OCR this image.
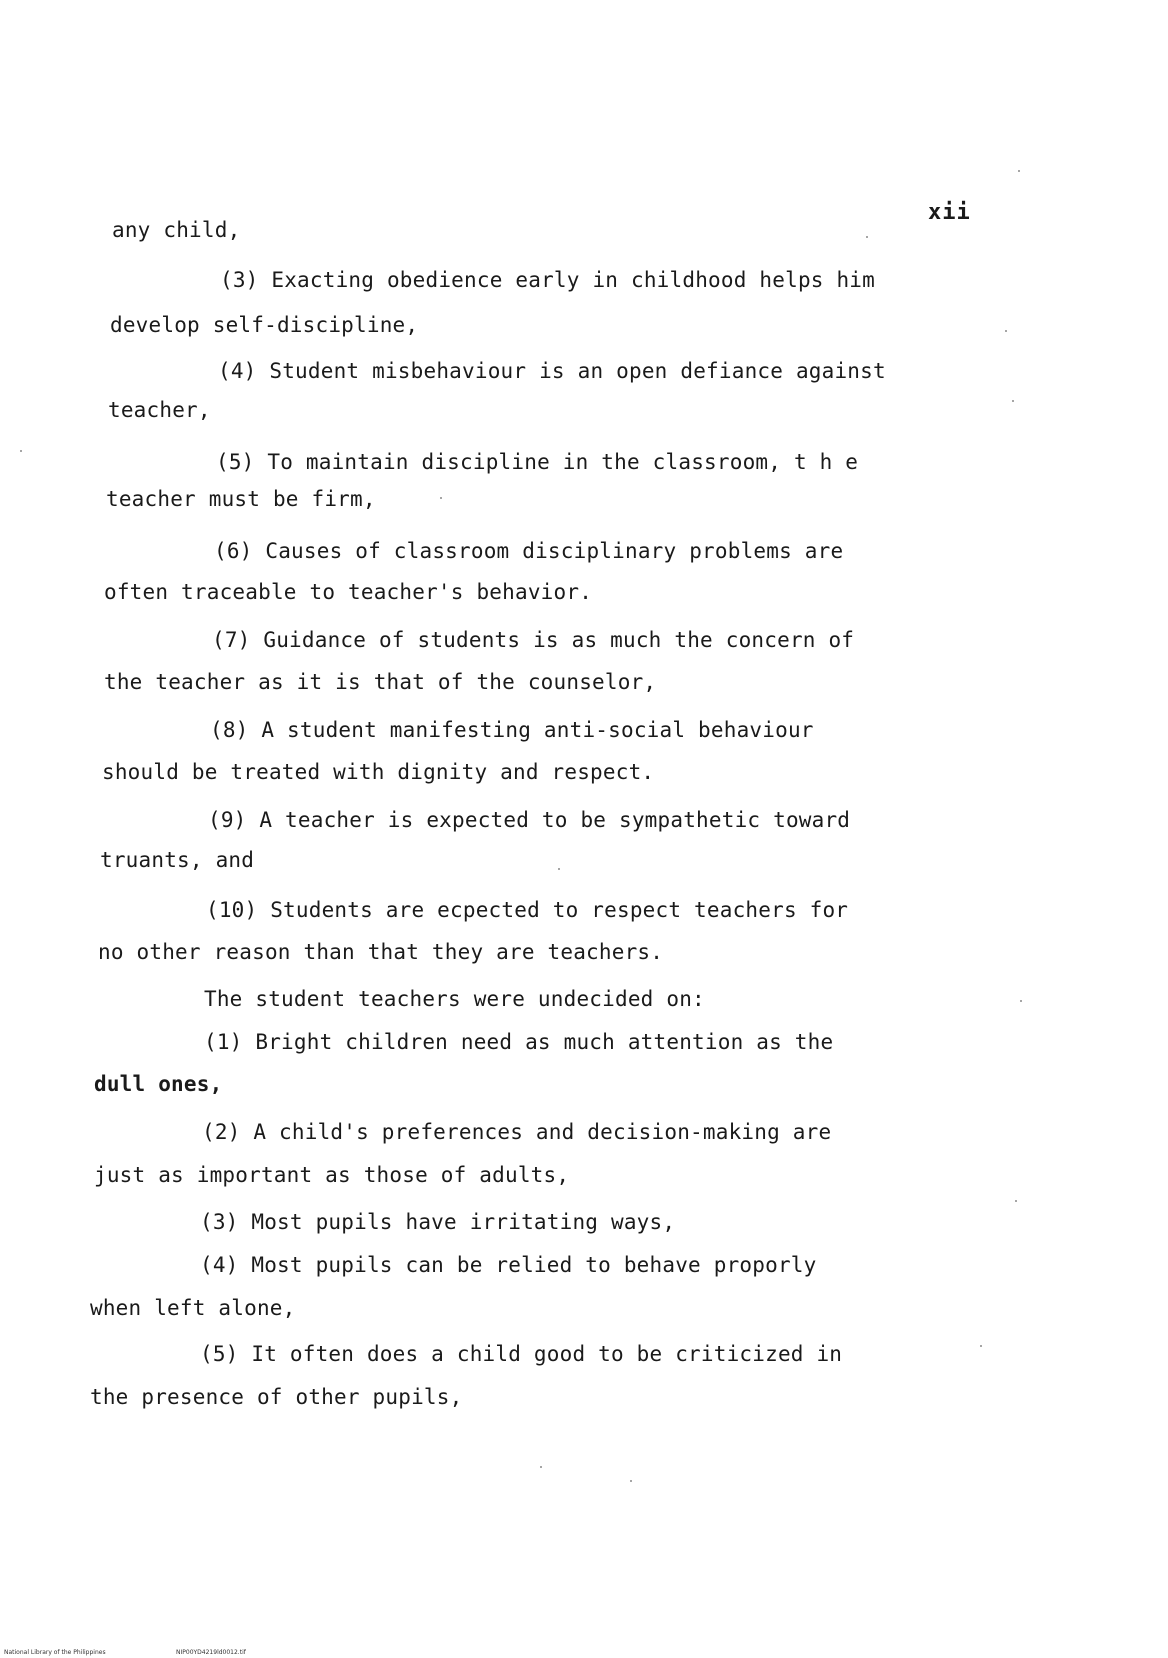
xii
any child,
(3) Exacting obedience early in childhood helps him
develop self-discipline,
(4) Student misbehaviour is an open defiance against
teacher,
(5) To maintain discipline in the classroom, t h e
teacher must be firm,
(6) Causes of classroom disciplinary problems are
often traceable to teacher's behavior.
(7) Guidance of students is as much the concern of
the teacher as it is that of the counselor,
(8) A student manifesting anti-social behaviour
should be treated with dignity and respect.
(9) A teacher is expected to be sympathetic toward
truants, and
(10) Students are ecpected to respect teachers for
no other reason than that they are teachers.
The student teachers were undecided on:
(1) Bright children need as much attention as the
dull ones,
(2) A child's preferences and decision-making are
just as important as those of adults,
(3) Most pupils have irritating ways,
(4) Most pupils can be relied to behave proporly
when left alone,
(5) It often does a child good to be criticized in
the presence of other pupils,
National Library of the Philippines	NIP00YD4219ld0012.tif
